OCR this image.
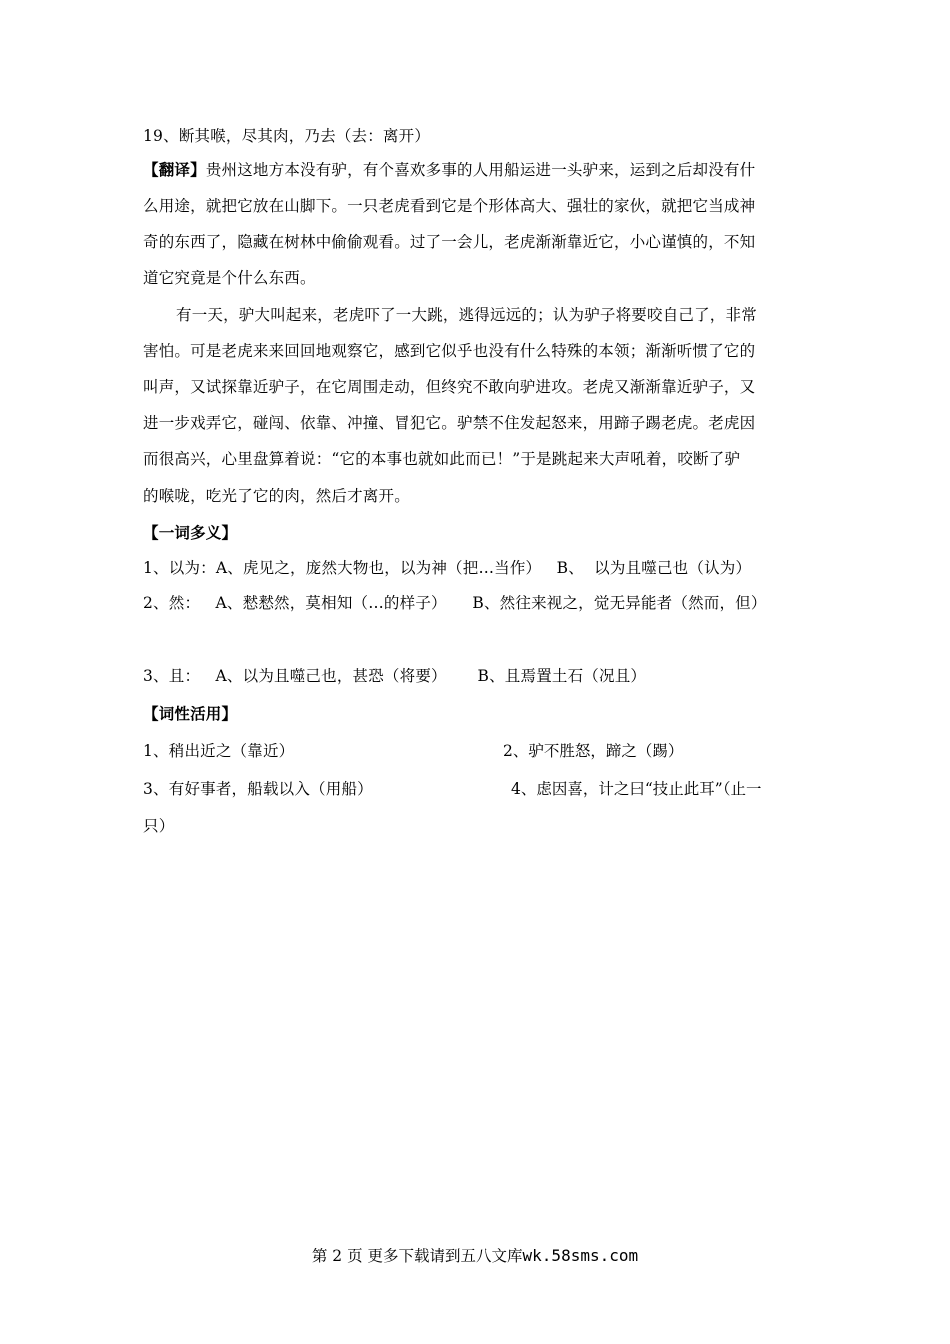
19、断其喉，尽其肉，乃去（去：离开）
【翻译】贵州这地方本没有驴，有个喜欢多事的人用船运进一头驴来，运到之后却没有什
么用途，就把它放在山脚下。一只老虎看到它是个形体高大、强壮的家伙，就把它当成神
奇的东西了，隐藏在树林中偷偷观看。过了一会儿，老虎渐渐靠近它，小心谨慎的，不知
道它究竟是个什么东西。
有一天，驴大叫起来，老虎吓了一大跳，逃得远远的；认为驴子将要咬自己了，非常
害怕。可是老虎来来回回地观察它，感到它似乎也没有什么特殊的本领；渐渐听惯了它的
叫声，又试探靠近驴子，在它周围走动，但终究不敢向驴进攻。老虎又渐渐靠近驴子，又
进一步戏弄它，碰闯、依靠、冲撞、冒犯它。驴禁不住发起怒来，用蹄子踢老虎。老虎因
而很高兴，心里盘算着说：“它的本事也就如此而已！”于是跳起来大声吼着，咬断了驴
的喉咙，吃光了它的肉，然后才离开。
【一词多义】
1、以为：A、虎见之，庞然大物也，以为神（把…当作）   B、  以为且噬己也（认为）
2、然：   A、慭慭然，莫相知（…的样子）     B、然往来视之，觉无异能者（然而，但）
3、且：   A、以为且噬己也，甚恐（将要）      B、且焉置土石（况且）
【词性活用】
1、稍出近之（靠近）	2、驴不胜怒，蹄之（踢）
3、有好事者，船载以入（用船）	4、虑因喜，计之曰“技止此耳”（止一
只）
第 2 页 更多下载请到五八文库wk.58sms.com
